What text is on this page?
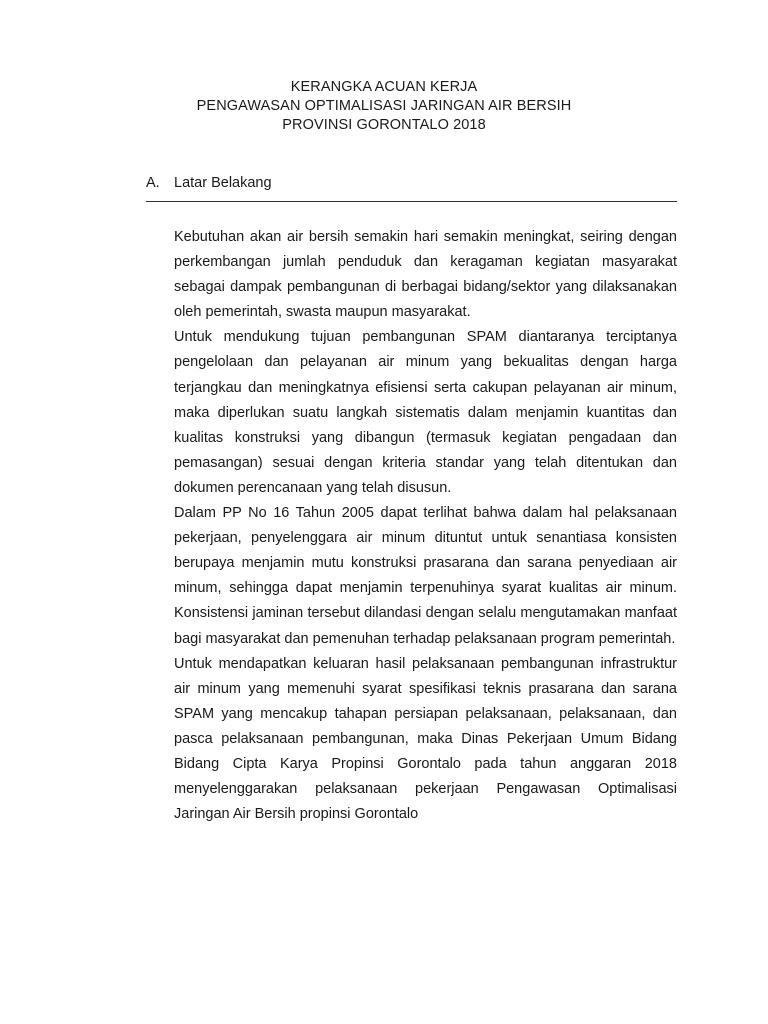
KERANGKA ACUAN KERJA
PENGAWASAN OPTIMALISASI JARINGAN AIR BERSIH
PROVINSI GORONTALO 2018
A. Latar Belakang

Kebutuhan akan air bersih semakin hari semakin meningkat, seiring dengan perkembangan jumlah penduduk dan keragaman kegiatan masyarakat sebagai dampak pembangunan di berbagai bidang/sektor yang dilaksanakan oleh pemerintah, swasta maupun masyarakat.

Untuk mendukung tujuan pembangunan SPAM diantaranya terciptanya pengelolaan dan pelayanan air minum yang bekualitas dengan harga terjangkau dan meningkatnya efisiensi serta cakupan pelayanan air minum, maka diperlukan suatu langkah sistematis dalam menjamin kuantitas dan kualitas konstruksi yang dibangun (termasuk kegiatan pengadaan dan pemasangan) sesuai dengan kriteria standar yang telah ditentukan dan dokumen perencanaan yang telah disusun.

Dalam PP No 16 Tahun 2005 dapat terlihat bahwa dalam hal pelaksanaan pekerjaan, penyelenggara air minum dituntut untuk senantiasa konsisten berupaya menjamin mutu konstruksi prasarana dan sarana penyediaan air minum, sehingga dapat menjamin terpenuhinya syarat kualitas air minum. Konsistensi jaminan tersebut dilandasi dengan selalu mengutamakan manfaat bagi masyarakat dan pemenuhan terhadap pelaksanaan program pemerintah.

Untuk mendapatkan keluaran hasil pelaksanaan pembangunan infrastruktur air minum yang memenuhi syarat spesifikasi teknis prasarana dan sarana SPAM yang mencakup tahapan persiapan pelaksanaan, pelaksanaan, dan pasca pelaksanaan pembangunan, maka Dinas Pekerjaan Umum Bidang Bidang Cipta Karya Propinsi Gorontalo pada tahun anggaran 2018 menyelenggarakan pelaksanaan pekerjaan Pengawasan Optimalisasi Jaringan Air Bersih propinsi Gorontalo
